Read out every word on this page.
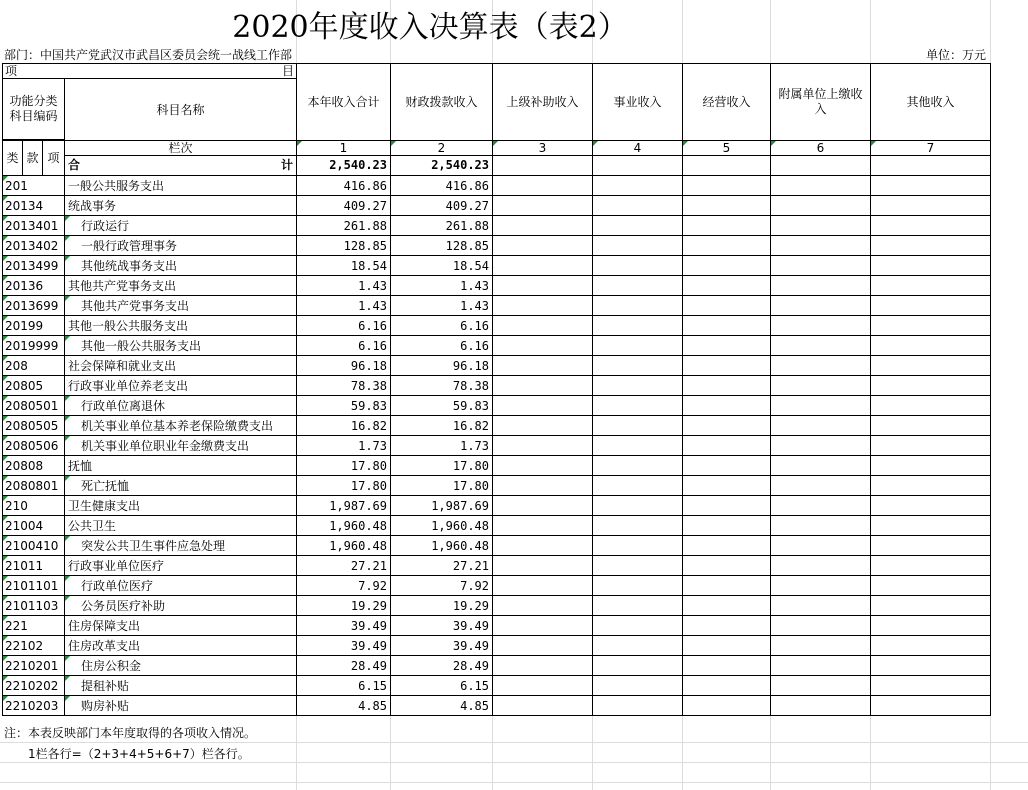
2020年度收入决算表（表2）
部门：中国共产党武汉市武昌区委员会统一战线工作部	单位：万元
项 目				本年收入合计	财政拨款收入	上级补助收入	事业收入	经营收入	附属单位上缴收入	其他收入
功能分类科目编码			科目名称							

类	款	项	栏次	1	2	3	4	5	6	7

			合 计	2,540.23	2,540.23					
201			一般公共服务支出	416.86	416.86					
20134			统战事务	409.27	409.27					
2013401			行政运行	261.88	261.88					
2013402			一般行政管理事务	128.85	128.85					
2013499			其他统战事务支出	18.54	18.54					
20136			其他共产党事务支出	1.43	1.43					
2013699			其他共产党事务支出	1.43	1.43					
20199			其他一般公共服务支出	6.16	6.16					
2019999			其他一般公共服务支出	6.16	6.16					
208			社会保障和就业支出	96.18	96.18					
20805			行政事业单位养老支出	78.38	78.38					
2080501			行政单位离退休	59.83	59.83					
2080505			机关事业单位基本养老保险缴费支出	16.82	16.82					
2080506			机关事业单位职业年金缴费支出	1.73	1.73					
20808			抚恤	17.80	17.80					
2080801			死亡抚恤	17.80	17.80					
210			卫生健康支出	1,987.69	1,987.69					
21004			公共卫生	1,960.48	1,960.48					
2100410			突发公共卫生事件应急处理	1,960.48	1,960.48					
21011			行政事业单位医疗	27.21	27.21					
2101101			行政单位医疗	7.92	7.92					
2101103			公务员医疗补助	19.29	19.29					
221			住房保障支出	39.49	39.49					
22102			住房改革支出	39.49	39.49					
2210201			住房公积金	28.49	28.49					
2210202			提租补贴	6.15	6.15					
2210203			购房补贴	4.85	4.85					
注：本表反映部门本年度取得的各项收入情况。
1栏各行=（2+3+4+5+6+7）栏各行。
